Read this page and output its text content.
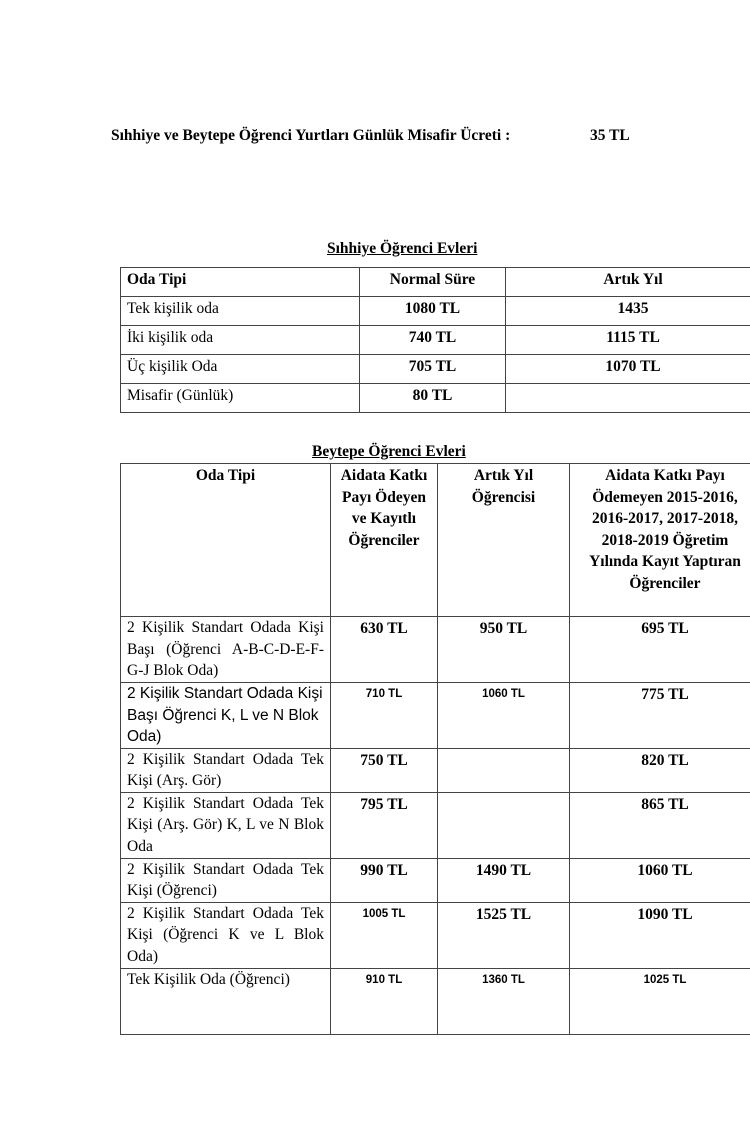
Sıhhiye ve Beytepe Öğrenci Yurtları Günlük Misafir Ücreti :	35 TL
Sıhhiye Öğrenci Evleri
Oda Tipi	Normal Süre	Artık Yıl
Tek kişilik oda	1080 TL	1435
İki kişilik oda	740 TL	1115 TL
Üç kişilik Oda	705 TL	1070 TL
Misafir (Günlük)	80 TL	
Beytepe Öğrenci Evleri
Oda Tipi	Aidata Katkı Payı Ödeyen ve Kayıtlı Öğrenciler	Artık Yıl Öğrencisi	Aidata Katkı Payı Ödemeyen 2015-2016, 2016-2017, 2017-2018, 2018-2019 Öğretim Yılında Kayıt Yaptıran Öğrenciler
2 Kişilik Standart Odada Kişi Başı (Öğrenci A-B-C-D-E-F-G-J Blok Oda)	630 TL	950 TL	695 TL
2 Kişilik Standart Odada Kişi Başı Öğrenci K, L ve N Blok Oda)	710 TL	1060 TL	775 TL
2 Kişilik Standart Odada Tek Kişi (Arş. Gör)	750 TL		820 TL
2 Kişilik Standart Odada Tek Kişi (Arş. Gör) K, L ve N Blok Oda	795 TL		865 TL
2 Kişilik Standart Odada Tek Kişi (Öğrenci)	990 TL	1490 TL	1060 TL
2 Kişilik Standart Odada Tek Kişi (Öğrenci K ve L Blok Oda)	1005 TL	1525 TL	1090 TL
Tek Kişilik Oda (Öğrenci)	910 TL	1360 TL	1025 TL
